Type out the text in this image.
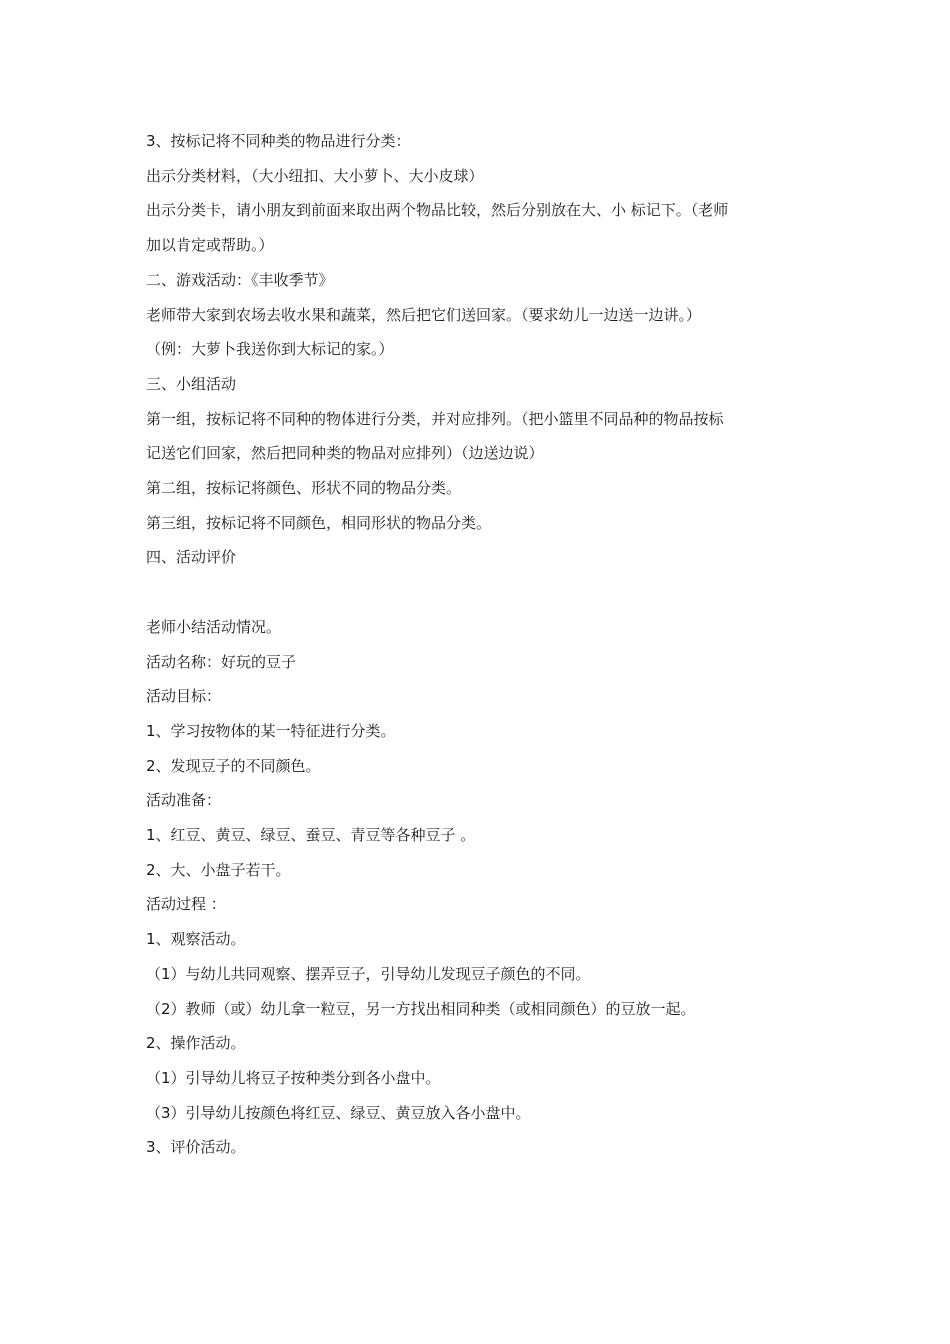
3、按标记将不同种类的物品进行分类：

出示分类材料，（大小纽扣、大小萝卜、大小皮球）

出示分类卡，请小朋友到前面来取出两个物品比较，然后分别放在大、小 标记下。（老师

加以肯定或帮助。）

二、游戏活动：《丰收季节》

老师带大家到农场去收水果和蔬菜，然后把它们送回家。（要求幼儿一边送一边讲。）

（例：大萝卜我送你到大标记的家。）

三、小组活动

第一组，按标记将不同种的物体进行分类，并对应排列。（把小篮里不同品种的物品按标

记送它们回家，然后把同种类的物品对应排列）（边送边说）

第二组，按标记将颜色、形状不同的物品分类。

第三组，按标记将不同颜色，相同形状的物品分类。

四、活动评价

老师小结活动情况。

活动名称：好玩的豆子

活动目标：

1、学习按物体的某一特征进行分类。

2、发现豆子的不同颜色。

活动准备：

1、红豆、黄豆、绿豆、蚕豆、青豆等各种豆子 。

2、大、小盘子若干。

活动过程 ：

1、观察活动。

（1）与幼儿共同观察、摆弄豆子，引导幼儿发现豆子颜色的不同。

（2）教师（或）幼儿拿一粒豆，另一方找出相同种类（或相同颜色）的豆放一起。

2、操作活动。

（1）引导幼儿将豆子按种类分到各小盘中。

（3）引导幼儿按颜色将红豆、绿豆、黄豆放入各小盘中。

3、评价活动。
